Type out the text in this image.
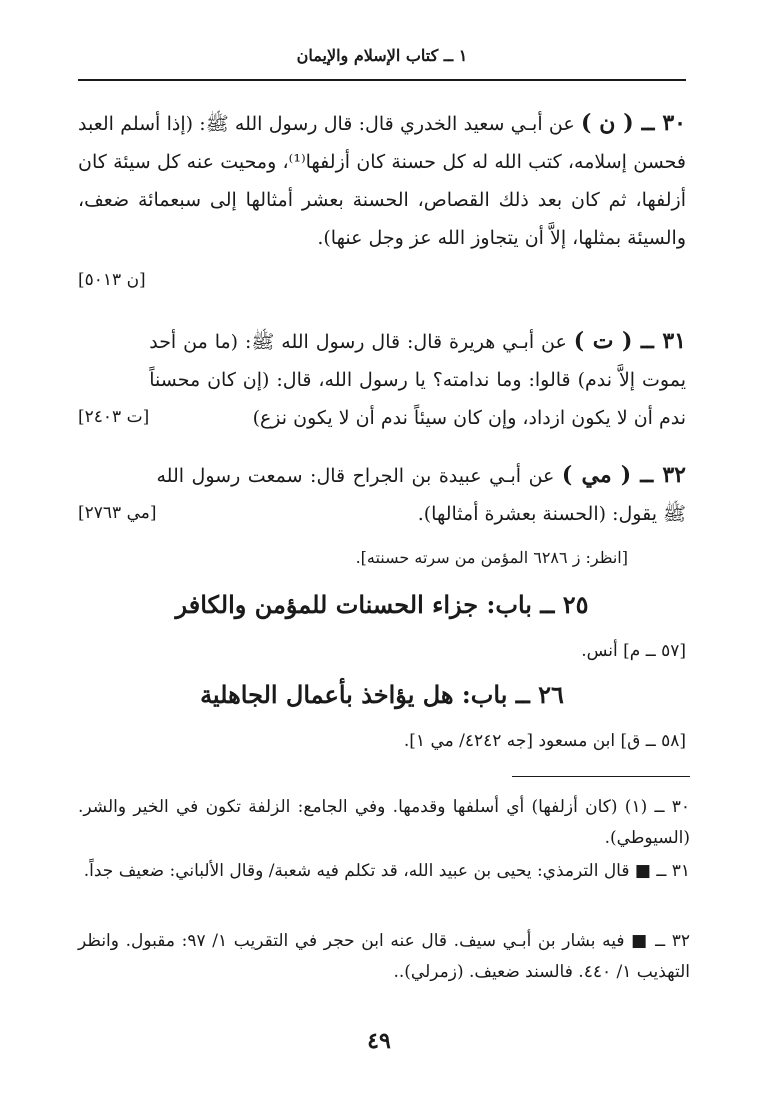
١ ــ كتاب الإسلام والإيمان
٣٠ ــ ( ن ) عن أبـي سعيد الخدري قال: قال رسول الله ﷺ: (إذا أسلم العبد فحسن إسلامه، كتب الله له كل حسنة كان أزلفها⁽¹⁾، ومحيت عنه كل سيئة كان أزلفها، ثم كان بعد ذلك القصاص، الحسنة بعشر أمثالها إلى سبعمائة ضعف، والسيئة بمثلها، إلاَّ أن يتجاوز الله عز وجل عنها).
[ن ٥٠١٣]
[ت ٢٤٠٣]
٣١ ــ ( ت ) عن أبـي هريرة قال: قال رسول الله ﷺ: (ما من أحد يموت إلاَّ ندم) قالوا: وما ندامته؟ يا رسول الله، قال: (إن كان محسناً ندم أن لا يكون ازداد، وإن كان سيئاً ندم أن لا يكون نزع)
[مي ٢٧٦٣]
٣٢ ــ ( مي ) عن أبـي عبيدة بن الجراح قال: سمعت رسول الله ﷺ يقول: (الحسنة بعشرة أمثالها).
[انظر: ز ٦٢٨٦ المؤمن من سرته حسنته].
٢٥ ــ باب: جزاء الحسنات للمؤمن والكافر
[٥٧ ــ م] أنس.
٢٦ ــ باب: هل يؤاخذ بأعمال الجاهلية
[٥٨ ــ ق] ابن مسعود [جه ٤٢٤٢/ مي ١].
٣٠ ــ (١) (كان أزلفها) أي أسلفها وقدمها. وفي الجامع: الزلفة تكون في الخير والشر. (السيوطي).
٣١ ــ ■ قال الترمذي: يحيى بن عبيد الله، قد تكلم فيه شعبة/ وقال الألباني: ضعيف جداً.
٣٢ ــ ■ فيه بشار بن أبـي سيف. قال عنه ابن حجر في التقريب ١/ ٩٧: مقبول. وانظر التهذيب ١/ ٤٤٠. فالسند ضعيف. (زمرلي)..
٤٩
